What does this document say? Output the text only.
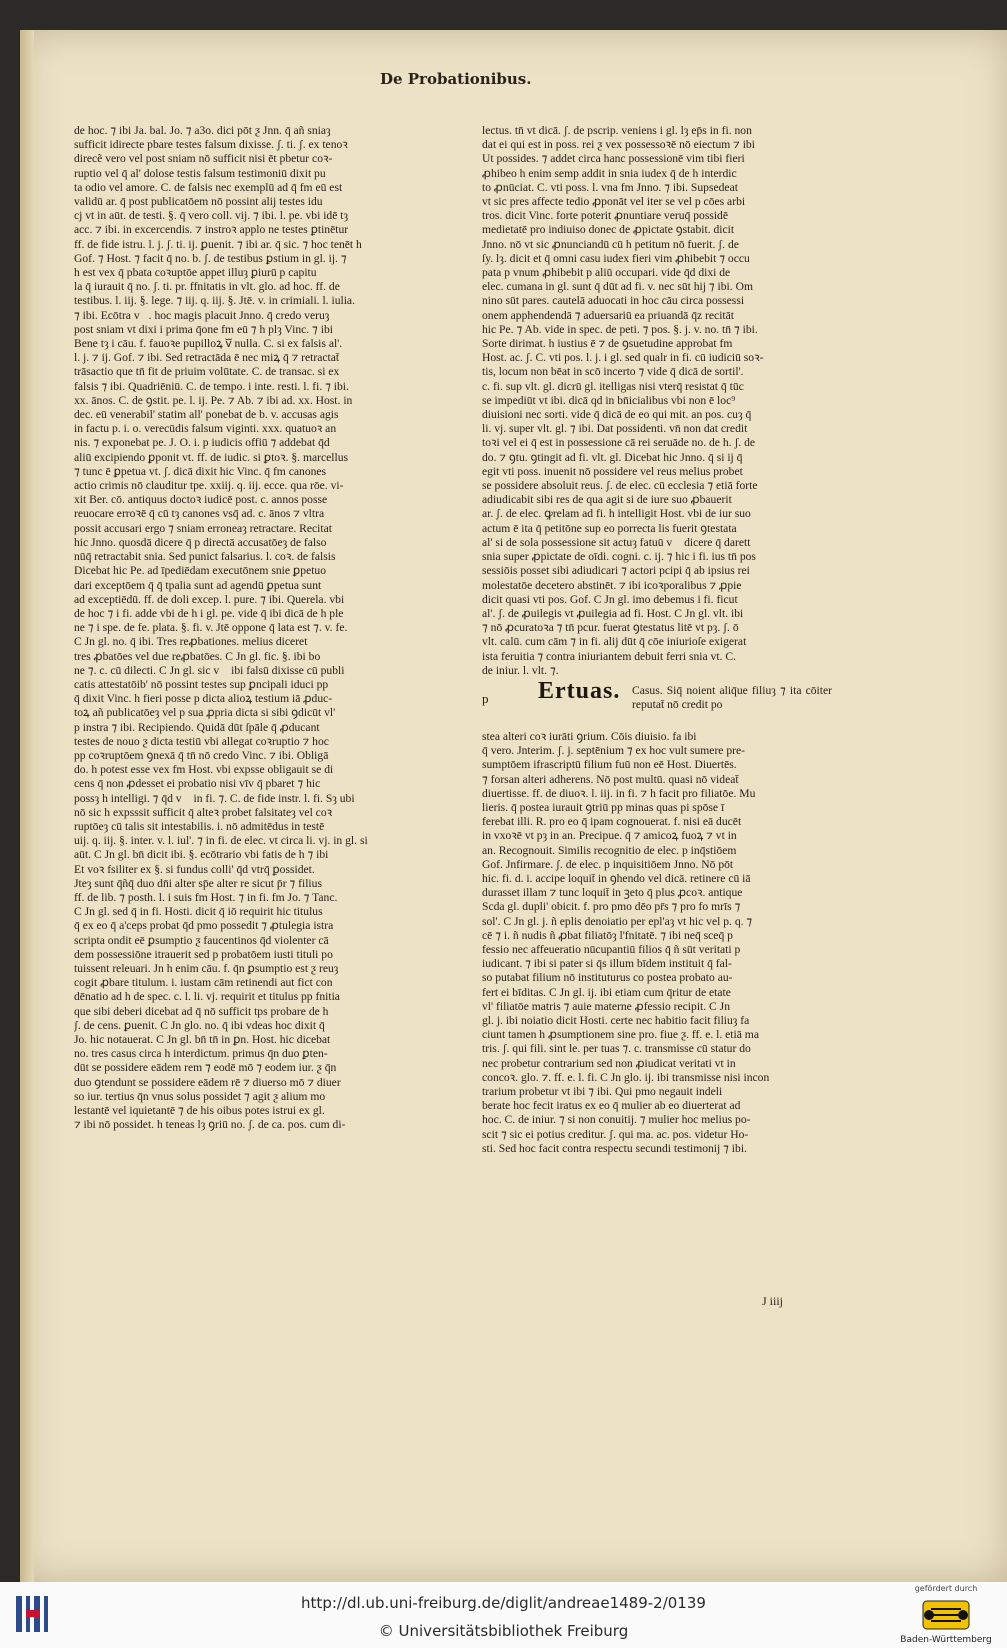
De Probationibus.
de hoc. ⁊ ibi Ja. bal. Jo. ⁊ a3o. dici pōt ƺ Jnn. q̄ añ sniaȝ
sufficit idirecte pbare testes falsum dixisse. ʃ. ti. ʃ. ex tenoꝛ
direcẽ vero vel post sniam nō sufficit nisi ēt pbetur coꝛ-
ruptio vel q̄ al' dolose testis falsum testimoniū dixit pu
ta odio vel amore. C. de falsis nec exemplū ad q̄ fm eū est
validū ar. q̄ post publicatōem nō possint alij testes idu
cj vt in aūt. de testi. §. q̄ vero coll. vij. ⁊ ibi. l. pe. vbi idē tȝ
acc. ⁊ ibi. in excercendis. ⁊ instroꝛ applo ne testes ꝑtinētur
ff. de fide istru. l. j. ʃ. ti. ij. ꝑuenit. ⁊ ibi ar. q̄ sic. ⁊ hoc tenēt h
Gof. ⁊ Host. ⁊ facit q̄ no. b. ʃ. de testibus ꝑstium in gl. ij. ⁊
h est vex q̄ pbata coꝛuptōe appet illuȝ ꝑiurū p capitu
la q̄ iurauit q̄ no. ʃ. ti. pr. ffnitatis in vlt. glo. ad hoc. ff. de
testibus. l. iij. §. lege. ⁊ iij. q. iij. §. Jtē. v. in crimiali. l. iulia.
⁊ ibi. Ecōtra vᷓ. hoc magis placuit Jnno. q̄ credo veruȝ
post sniam vt dixi i prima q̄one fm eū ⁊ h plȝ Vinc. ⁊ ibi
Bene tȝ i cāu. f. fauoꝛe pupilloꝝ vᷓ nulla. C. si ex falsis al'.
l. j. ⁊ ij. Gof. ⁊ ibi. Sed retractāda ē nec miꝝ q̄ ⁊ retractat̄
trāsactio que tn̄ fit de priuim volūtate. C. de transac. si ex
falsis ⁊ ibi. Quadriēniū. C. de tempo. i inte. resti. l. fi. ⁊ ibi.
xx. ānos. C. de ꝯstit. pe. l. ij. Pe. ⁊ Ab. ⁊ ibi ad. xx. Host. in
dec. eū venerabil' statim all' ponebat de b. v. accusas agis
in factu p. i. o. verecūdis falsum viginti. xxx. quatuoꝛ an
nis. ⁊ exponebat pe. J. O. i. p iudicis offiū ⁊ addebat q̄d
aliū excipiendo ꝑponit vt. ff. de iudic. si ꝑtoꝛ. §. marcellus
⁊ tunc ē ꝑpetua vt. ʃ. dicā dixit hic Vinc. q̄ fm canones
actio crimis nō clauditur tpe. xxiij. q. iij. ecce. qua rōe. vi-
xit Ber. cō. antiquus doctoꝛ iudicē post. c. annos posse
reuocare erroꝛē q̄ cū tȝ canones vsq̄ ad. c. ānos ⁊ vltra
possit accusari ergo ⁊ sniam erroneaȝ retractare. Recitat
hic Jnno. quosdā dicere q̄ p directā accusatōeȝ de falso
nūq̄ retractabit snia. Sed punict falsarius. l. coꝛ. de falsis
Dicebat hic Pe. ad īpediēdam executōnem snie ꝑpetuo
dari exceptōem q̄ q̄ tpalia sunt ad agendū ꝑpetua sunt
ad exceptiēdū. ff. de doli excep. l. pure. ⁊ ibi. Querela. vbi
de hoc ⁊ i fi. adde vbi de h i gl. pe. vide q̄ ibi dicā de h ple
ne ⁊ i spe. de fe. plata. §. fi. v. Jtē oppone q̄ lata est ⁊. v. fe.
C Jn gl. no. q̄ ibi. Tres reꝓbationes. melius diceret
tres ꝓbatōes vel due reꝓbatōes. C Jn gl. fic. §. ibi bo
ne ⁊. c. cū dilecti. C Jn gl. sic vᷓ ibi falsū dixisse cū publi
catis attestatōib' nō possint testes sup ꝑncipali iduci pp
q̄ dixit Vinc. h fieri posse p dicta alioꝝ testium iā ꝓduc-
toꝝ añ publicatōeȝ vel p sua ꝓpria dicta si sibi ꝯdicūt vl'
p instra ⁊ ibi. Recipiendo. Quidā dūt ſpāle q̄ ꝓducant
testes de nouo ƺ dicta testiū vbi allegat coꝛruptio ⁊ hoc
pp coꝛruptōem ꝯnexā q̄ tn̄ nō credo Vinc. ⁊ ibi. Obligā
do. h potest esse vex fm Host. vbi expsse obligauit se di
cens q̄ non ꝓdesset ei probatio nisi vīv q̄ pbaret ⁊ hic
possȝ h intelligi. ⁊ q̄d vᷓ in fi. ⁊. C. de fide instr. l. fi. Sȝ ubi
nō sic h expsssit sufficit q̄ alteꝛ probet falsitateȝ vel coꝛ
ruptōeȝ cū talis sit intestabilis. i. nō admitēdus in testē
uij. q. iij. §. inter. v. l. iul'. ⁊ in fi. de elec. vt circa li. vj. in gl. si
aūt. C Jn gl. bn̄ dicit ibi. §. ecōtrario vbi fatis de h ⁊ ibi
Et voꝛ fsiliter ex §. si fundus colli' q̄d vtrq̄ ꝑossidet.
Jteȝ sunt q̄ñq̄ duo dn̄i alter sp̄e alter re sicut p̄r ⁊ filius
ff. de lib. ⁊ posth. l. i suis fm Host. ⁊ in fi. fm Jo. ⁊ Tanc.
C Jn gl. sed q̄ in fi. Hosti. dicit q̄ iō requirit hic titulus
q̄ ex eo q̄ a'ceps probat q̄d pmo possedit ⁊ ꝓtulegia istra
scripta ondit eē ꝑsumptio ƺ faucentinos q̄d violenter cā
dem possessiōne itrauerit sed p probatōem iusti tituli po
tuissent releuari. Jn h enim cāu. f. q̄n ꝑsumptio est ƺ reuȝ
cogit ꝓbare titulum. i. iustam cām retinendi aut fict con
dēnatio ad h de spec. c. l. li. vj. requirit et titulus pp fnitia
que sibi deberi dicebat ad q̄ nō sufficit tps probare de h
ʃ. de cens. ꝑuenit. C Jn glo. no. q̄ ibi vdeas hoc dixit q̄
Jo. hic notauerat. C Jn gl. bn̄ tn̄ in ꝑn. Host. hic dicebat
no. tres casus circa h interdictum. primus q̄n duo ꝑten-
dūt se possidere eādem rem ⁊ eodē mō ⁊ eodem iur. ƺ q̄n
duo ꝯtendunt se possidere eādem rē ⁊ diuerso mō ⁊ diuer
so iur. tertius q̄n vnus solus possidet ⁊ agit ƺ alium mo
lestantē vel iquietantē ⁊ de his oibus potes istrui ex gl.
⁊ ibi nō possidet. h teneas lȝ ꝯriū no. ʃ. de ca. pos. cum di-
lectus. tn̄ vt dicā. ʃ. de pscrip. veniens i gl. lȝ ep̄s in fi. non
dat ei qui est in poss. rei ƺ vex possessoꝛē nō eiectum ⁊ ibi
Ut possides. ⁊ addet circa hanc possessionē vim tibi fieri
ꝓhibeo h enim semp addit in snia iudex q̄ de h interdic
to ꝓnūciat. C. vti poss. l. vna fm Jnno. ⁊ ibi. Supsedeat
vt sic pres affecte tedio ꝓponāt vel iter se vel p cōes arbi
tros. dicit Vinc. forte poterit ꝓnuntiare veruq̄ possidē
medietatē pro indiuiso donec de ꝓpictate ꝯstabit. dicit
Jnno. nō vt sic ꝓnunciandū cū h petitum nō fuerit. ʃ. de
ſy. lȝ. dicit et q̄ omni casu iudex fieri vim ꝓhibebit ⁊ occu
pata p vnum ꝓhibebit p aliū occupari. vide q̄d dixi de
elec. cumana in gl. sunt q̄ dūt ad fi. v. nec sūt hij ⁊ ibi. Om
nino sūt pares. cautelā aduocati in hoc cāu circa possessi
onem apphendendā ⁊ aduersariū ea priuandā q̄z recitāt
hic Pe. ⁊ Ab. vide in spec. de peti. ⁊ pos. §. j. v. no. tn̄ ⁊ ibi.
Sorte dirimat. h iustius ē ⁊ de ꝯsuetudine approbat fm
Host. ac. ʃ. C. vti pos. l. j. i gl. sed qualr in fi. cū iudiciū soꝛ-
tis, locum non bēat in scō incerto ⁊ vide q̄ dicā de sortil'.
c. fi. sup vlt. gl. dicrū gl. itelligas nisi vterq̄ resistat q̄ tūc
se impediūt vt ibi. dicā qd in bn̄icialibus vbi non ē loc⁹
diuisioni nec sorti. vide q̄ dicā de eo qui mit. an pos. cuȝ q̄
li. vj. super vlt. gl. ⁊ ibi. Dat possidenti. vn̄ non dat credit
toꝛi vel ei q̄ est in possessione cā rei seruāde no. de h. ʃ. de
do. ⁊ ꝯtu. ꝯtingit ad fi. vlt. gl. Dicebat hic Jnno. q̄ si ij q̄
egit vti poss. inuenit nō possidere vel reus melius probet
se possidere absoluit reus. ʃ. de elec. cū ecclesia ⁊ etiā forte
adiudicabit sibi res de qua agit si de iure suo ꝓbauerit
ar. ʃ. de elec. ꝙrelam ad fi. h intelligit Host. vbi de iur suo
actum ē ita q̄ petitōne sup eo porrecta lis fuerit ꝯtestata
al' si de sola possessione sit actuȝ fatuū vᷓ dicere q̄ darett
snia super ꝓpictate de oīdi. cogni. c. ij. ⁊ hic i fi. ius tn̄ pos
sessiōis posset sibi adiudicari ⁊ actori pcipi q̄ ab ipsius rei
molestatōe decetero abstinēt. ⁊ ibi icoꝛporalibus ⁊ ꝓpie
dicit quasi vti pos. Gof. C Jn gl. imo debemus i fi. ficut
al'. ʃ. de ꝓuilegis vt ꝓuilegia ad fi. Host. C Jn gl. vlt. ibi
⁊ nō ꝓcuratoꝛa ⁊ tn̄ pcur. fuerat ꝯtestatus litē vt pȝ. ʃ. ō
vlt. calū. cum cām ⁊ in fi. alij dūt q̄ cōe iniurioſe exigerat
ista feruitia ⁊ contra iniuriantem debuit ferri snia vt. C.
de iniur. l. vlt. ⁊.
p Ertuas. Casus. Siq̄ noient aliq̄ue filiuȝ ⁊ ita cōiter reputat̄ nō credit po
stea alteri coꝛ iurāti ꝯrium. Cōis diuisio. fa ibi
q̄ vero. Jnterim. ʃ. j. septēnium ⁊ ex hoc vult sumere pre-
sumptōem ifrascriptū filium fuū non eē Host. Diuertēs.
⁊ forsan alteri adherens. Nō post multū. quasi nō videat̄
diuertisse. ff. de diuoꝛ. l. iij. in fi. ⁊ h facit pro filiatōe. Mu
lieris. q̄ postea iurauit ꝯtriū pp minas quas pi spōse ī
ferebat illi. R. pro eo q̄ ipam cognouerat. f. nisi eā ducēt
in vxoꝛē vt pȝ in an. Precipue. q̄ ⁊ amicoꝝ fuoꝝ ⁊ vt in
an. Recognouit. Similis recognitio de elec. p inq̄stiōem
Gof. Jnfirmare. ʃ. de elec. p inquisitiōem Jnno. Nō pōt
hic. fi. d. i. accipe loquit̄ in ꝯhendo vel dicā. retinere cū iā
durasset illam ⁊ tunc loquit̄ in ꝫeto q̄ plus ꝓcoꝛ. antique
Scda gl. dupli' obicit. f. pro pmo dēo pr̄s ⁊ pro fo mrīs ⁊
sol'. C Jn gl. j. ñ eplis denoiatio per epl'aȝ vt hic vel p. q. ⁊
cē ⁊ i. ñ nudis ñ ꝓbat filiatōȝ l'fnitatē. ⁊ ibi neq̄ sceq̄ p
fessio nec affeueratio nūcupantiū filios q̄ ñ sūt veritati p
iudicant. ⁊ ibi si pater si q̄s illum bīdem instituit q̄ fal-
so putabat filium nō instituturus co postea probato au-
fert ei bīditas. C Jn gl. ij. ibi etiam cum q̄ritur de etate
vl' filiatōe matris ⁊ auie materne ꝓfessio recipit. C Jn
gl. j. ibi noiatio dicit Hosti. certe nec habitio facit filiuȝ fa
ciunt tamen h ꝓsumptionem sine pro. fiue ƺ. ff. e. l. etiā ma
tris. ʃ. qui fili. sint le. per tuas ⁊. c. transmisse cū statur do
nec probetur contrarium sed non ꝓiudicat veritati vt in
concoꝛ. glo. ⁊. ff. e. l. fi. C Jn glo. ij. ibi transmisse nisi incon
trarium probetur vt ibi ⁊ ibi. Qui pmo negauit indeli
berate hoc fecit iratus ex eo q̄ mulier ab eo diuerterat ad
hoc. C. de iniur. ⁊ si non conuitij. ⁊ mulier hoc melius po-
scit ⁊ sic ei potius creditur. ʃ. qui ma. ac. pos. videtur Ho-
sti. Sed hoc facit contra respectu secundi testimonij ⁊ ibi.
J iiij
http://dl.ub.uni-freiburg.de/diglit/andreae1489-2/0139
© Universitätsbibliothek Freiburg
gefördert durch
Baden-Württemberg
